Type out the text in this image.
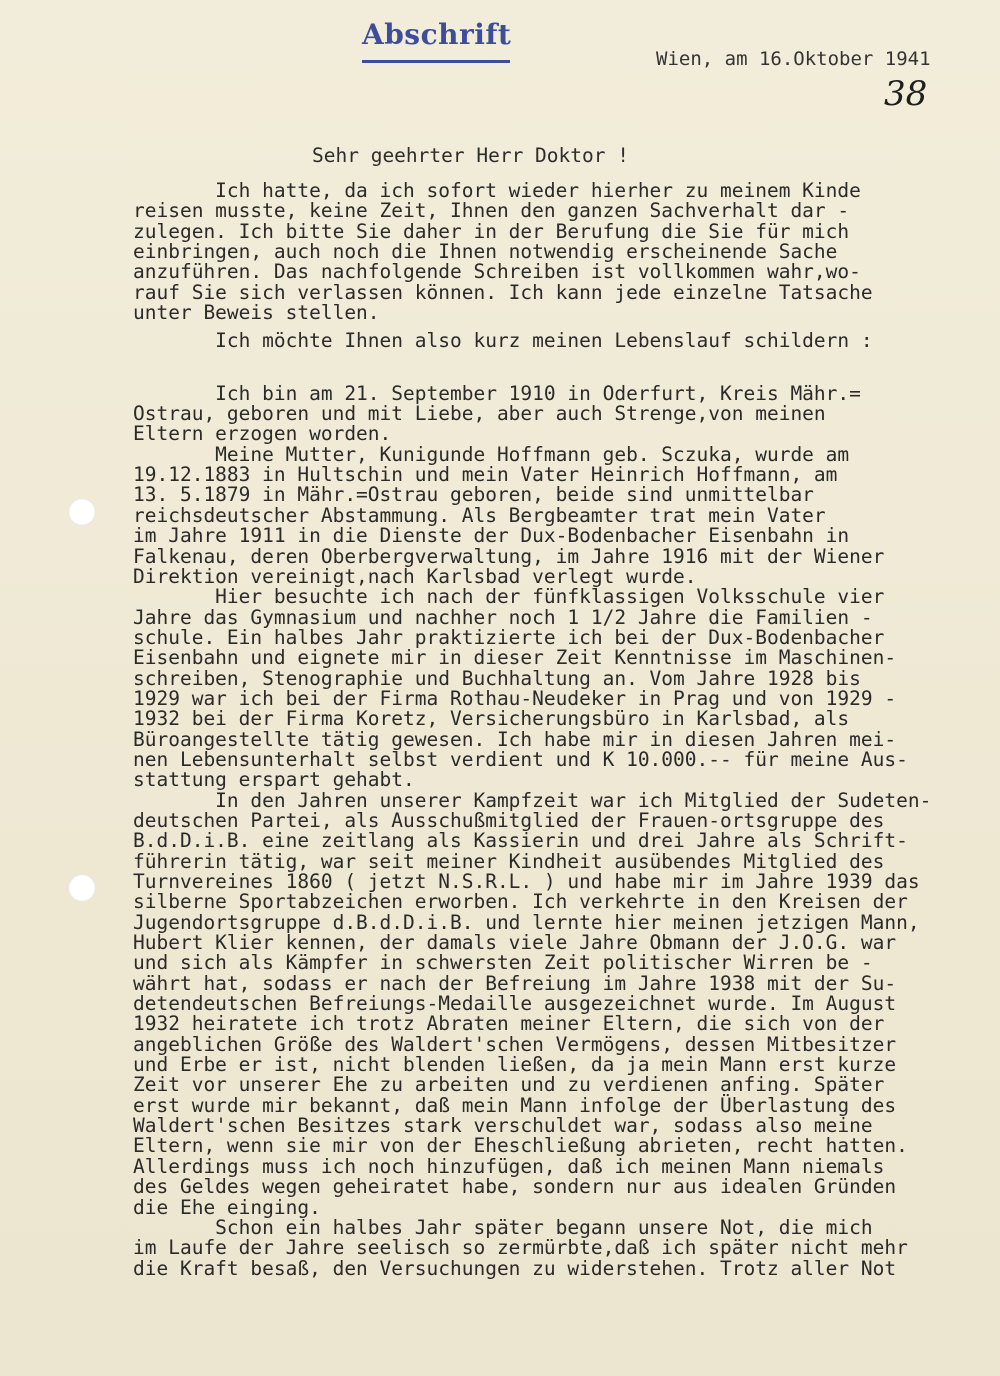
Abschrift
Wien, am 16.Oktober 1941
38
Sehr geehrter Herr Doktor !
Ich hatte, da ich sofort wieder hierher zu meinem Kinde
reisen musste, keine Zeit, Ihnen den ganzen Sachverhalt dar -
zulegen. Ich bitte Sie daher in der Berufung die Sie für mich
einbringen, auch noch die Ihnen notwendig erscheinende Sache
anzuführen. Das nachfolgende Schreiben ist vollkommen wahr,wo-
rauf Sie sich verlassen können. Ich kann jede einzelne Tatsache
unter Beweis stellen.
Ich möchte Ihnen also kurz meinen Lebenslauf schildern :
Ich bin am 21. September 1910 in Oderfurt, Kreis Mähr.=
Ostrau, geboren und mit Liebe, aber auch Strenge,von meinen
Eltern erzogen worden.
Meine Mutter, Kunigunde Hoffmann geb. Sczuka, wurde am
19.12.1883 in Hultschin und mein Vater Heinrich Hoffmann, am
13. 5.1879 in Mähr.=Ostrau geboren, beide sind unmittelbar
reichsdeutscher Abstammung. Als Bergbeamter trat mein Vater
im Jahre 1911 in die Dienste der Dux-Bodenbacher Eisenbahn in
Falkenau, deren Oberbergverwaltung, im Jahre 1916 mit der Wiener
Direktion vereinigt,nach Karlsbad verlegt wurde.
Hier besuchte ich nach der fünfklassigen Volksschule vier
Jahre das Gymnasium und nachher noch 1 1/2 Jahre die Familien -
schule. Ein halbes Jahr praktizierte ich bei der Dux-Bodenbacher
Eisenbahn und eignete mir in dieser Zeit Kenntnisse im Maschinen-
schreiben, Stenographie und Buchhaltung an. Vom Jahre 1928 bis
1929 war ich bei der Firma Rothau-Neudeker in Prag und von 1929 -
1932 bei der Firma Koretz, Versicherungsbüro in Karlsbad, als
Büroangestellte tätig gewesen. Ich habe mir in diesen Jahren mei-
nen Lebensunterhalt selbst verdient und K 10.000.-- für meine Aus-
stattung erspart gehabt.
In den Jahren unserer Kampfzeit war ich Mitglied der Sudeten-
deutschen Partei, als Ausschußmitglied der Frauen-ortsgruppe des
B.d.D.i.B. eine zeitlang als Kassierin und drei Jahre als Schrift-
führerin tätig, war seit meiner Kindheit ausübendes Mitglied des
Turnvereines 1860 ( jetzt N.S.R.L. ) und habe mir im Jahre 1939 das
silberne Sportabzeichen erworben. Ich verkehrte in den Kreisen der
Jugendortsgruppe d.B.d.D.i.B. und lernte hier meinen jetzigen Mann,
Hubert Klier kennen, der damals viele Jahre Obmann der J.O.G. war
und sich als Kämpfer in schwersten Zeit politischer Wirren be -
währt hat, sodass er nach der Befreiung im Jahre 1938 mit der Su-
detendeutschen Befreiungs-Medaille ausgezeichnet wurde. Im August
1932 heiratete ich trotz Abraten meiner Eltern, die sich von der
angeblichen Größe des Waldert'schen Vermögens, dessen Mitbesitzer
und Erbe er ist, nicht blenden ließen, da ja mein Mann erst kurze
Zeit vor unserer Ehe zu arbeiten und zu verdienen anfing. Später
erst wurde mir bekannt, daß mein Mann infolge der Überlastung des
Waldert'schen Besitzes stark verschuldet war, sodass also meine
Eltern, wenn sie mir von der Eheschließung abrieten, recht hatten.
Allerdings muss ich noch hinzufügen, daß ich meinen Mann niemals
des Geldes wegen geheiratet habe, sondern nur aus idealen Gründen
die Ehe einging.
Schon ein halbes Jahr später begann unsere Not, die mich
im Laufe der Jahre seelisch so zermürbte,daß ich später nicht mehr
die Kraft besaß, den Versuchungen zu widerstehen. Trotz aller Not
